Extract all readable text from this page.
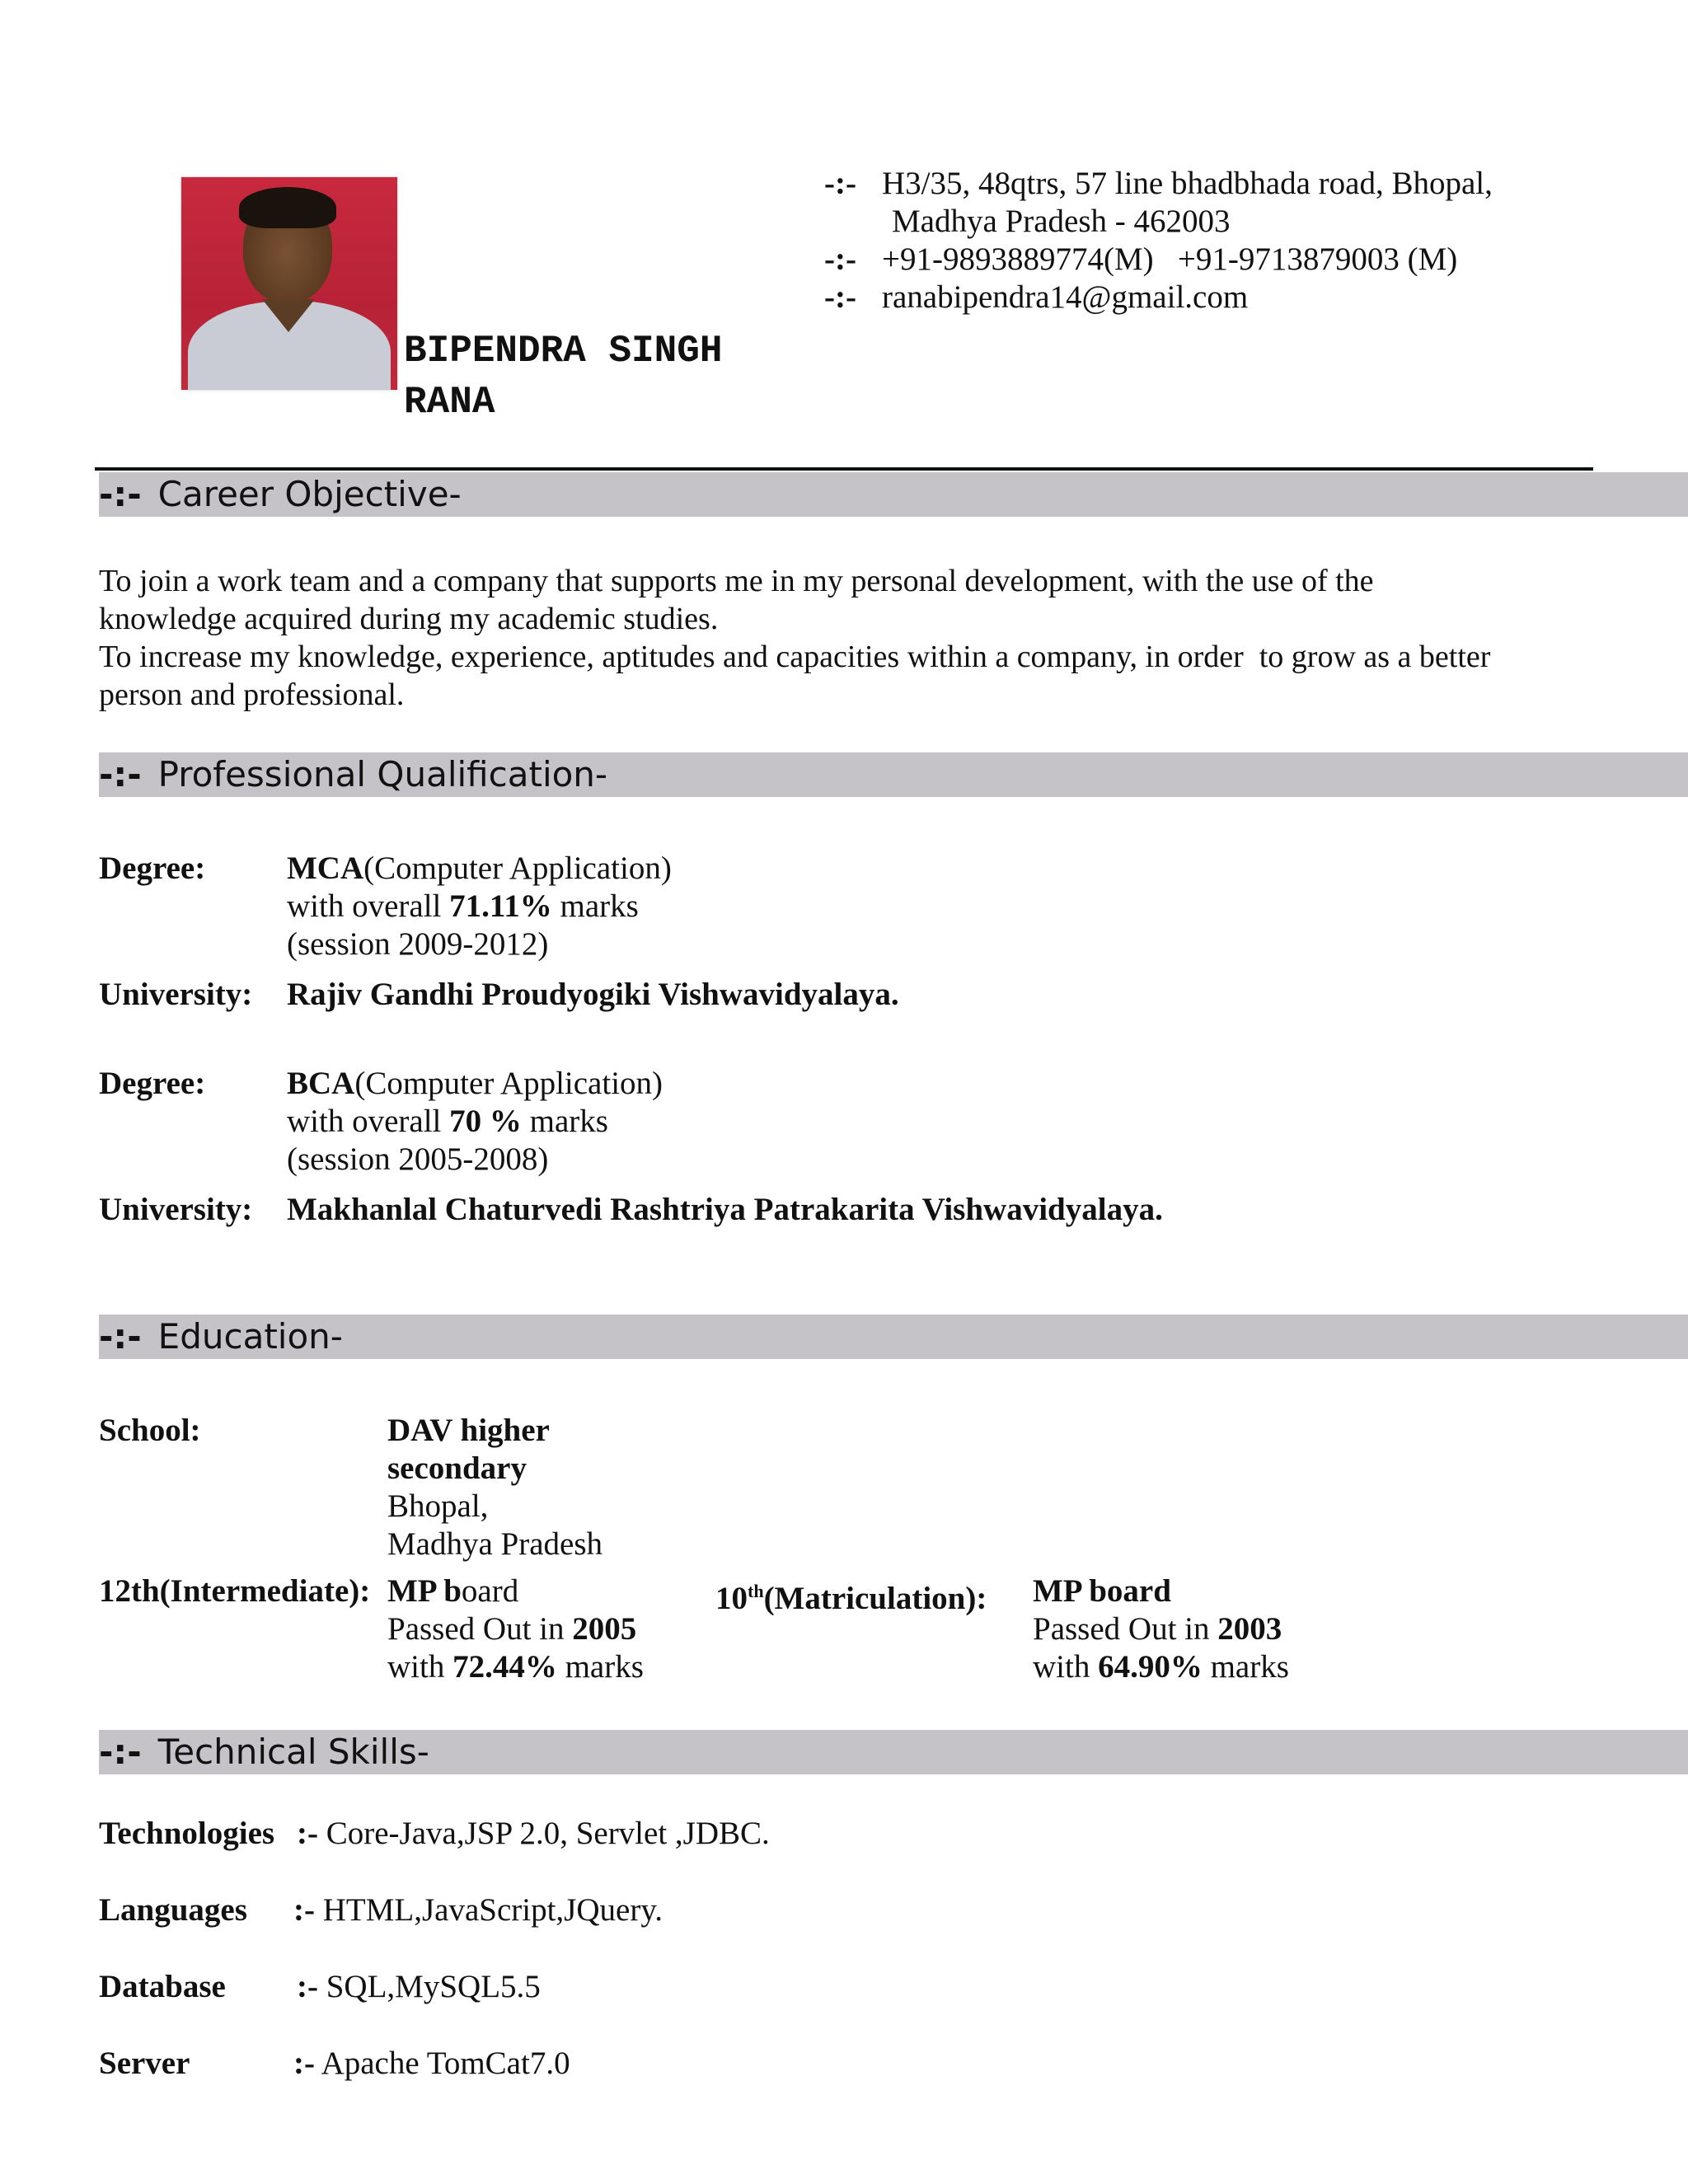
BIPENDRA SINGH
RANA
-:- H3/35, 48qtrs, 57 line bhadbhada road, Bhopal,
Madhya Pradesh - 462003
-:- +91-9893889774(M)   +91-9713879003 (M)
-:- ranabipendra14@gmail.com
-:- Career Objective-
To join a work team and a company that supports me in my personal development, with the use of the
knowledge acquired during my academic studies.
To increase my knowledge, experience, aptitudes and capacities within a company, in order  to grow as a better
person and professional.
-:- Professional Qualification-
Degree:	MCA(Computer Application)
with overall 71.11% marks
(session 2009-2012)
University: Rajiv Gandhi Proudyogiki Vishwavidyalaya.
Degree:	BCA(Computer Application)
with overall 70 % marks
(session 2005-2008)
University: Makhanlal Chaturvedi Rashtriya Patrakarita Vishwavidyalaya.
-:- Education-
School:	DAV higher
secondary
Bhopal,
Madhya Pradesh
12th(Intermediate): MP board
Passed Out in 2005
with 72.44% marks
10th(Matriculation): MP board
Passed Out in 2003
with 64.90% marks
-:- Technical Skills-
Technologies :- Core-Java,JSP 2.0, Servlet ,JDBC.
Languages :- HTML,JavaScript,JQuery.
Database :- SQL,MySQL5.5
Server	:- Apache TomCat7.0
